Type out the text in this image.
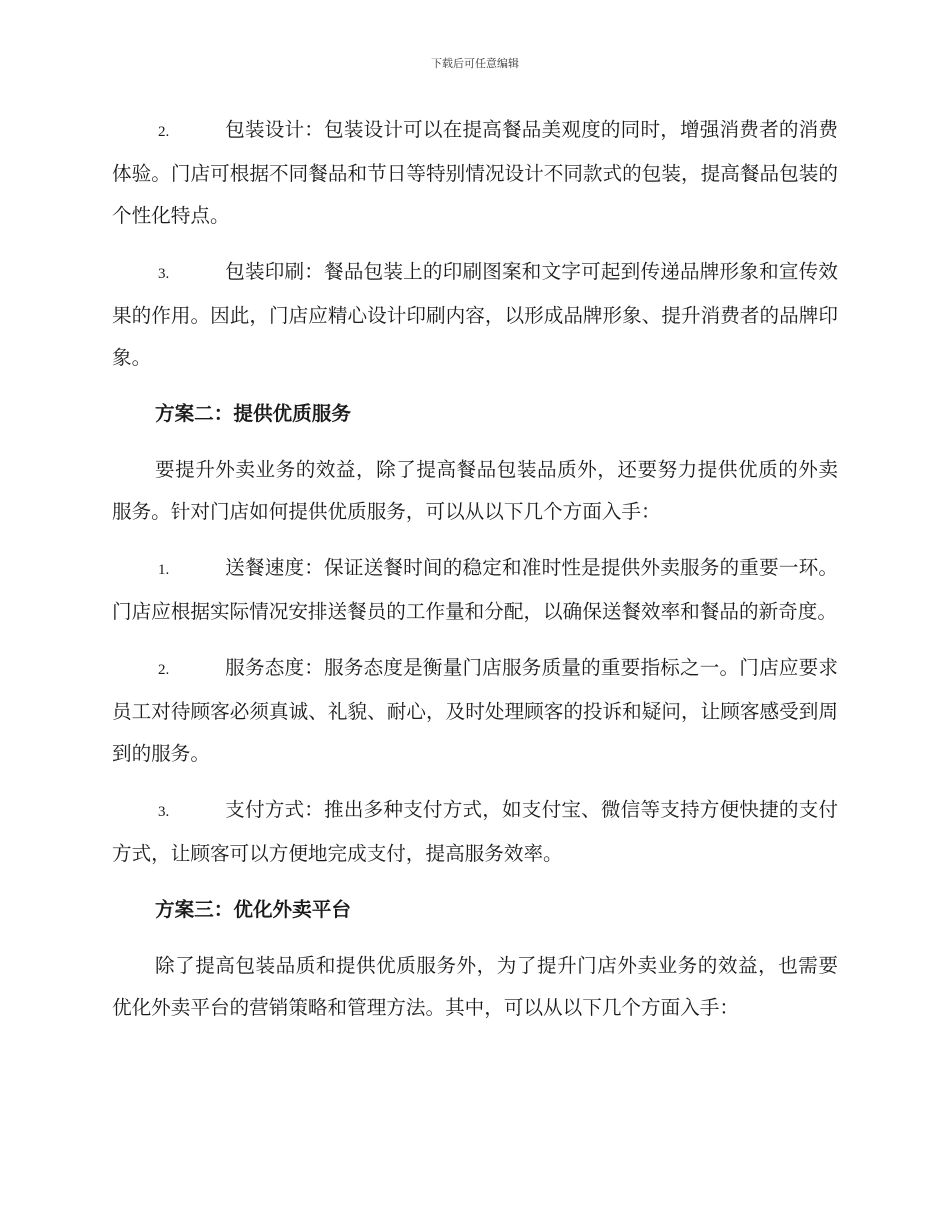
下载后可任意编辑

2.	包装设计：包装设计可以在提高餐品美观度的同时，增强消费者的消费体验。门店可根据不同餐品和节日等特别情况设计不同款式的包装，提高餐品包装的个性化特点。

3.	包装印刷：餐品包装上的印刷图案和文字可起到传递品牌形象和宣传效果的作用。因此，门店应精心设计印刷内容，以形成品牌形象、提升消费者的品牌印象。

方案二：提供优质服务

要提升外卖业务的效益，除了提高餐品包装品质外，还要努力提供优质的外卖服务。针对门店如何提供优质服务，可以从以下几个方面入手：

1.	送餐速度：保证送餐时间的稳定和准时性是提供外卖服务的重要一环。门店应根据实际情况安排送餐员的工作量和分配，以确保送餐效率和餐品的新奇度。

2.	服务态度：服务态度是衡量门店服务质量的重要指标之一。门店应要求员工对待顾客必须真诚、礼貌、耐心，及时处理顾客的投诉和疑问，让顾客感受到周到的服务。

3.	支付方式：推出多种支付方式，如支付宝、微信等支持方便快捷的支付方式，让顾客可以方便地完成支付，提高服务效率。

方案三：优化外卖平台

除了提高包装品质和提供优质服务外，为了提升门店外卖业务的效益，也需要优化外卖平台的营销策略和管理方法。其中，可以从以下几个方面入手：
